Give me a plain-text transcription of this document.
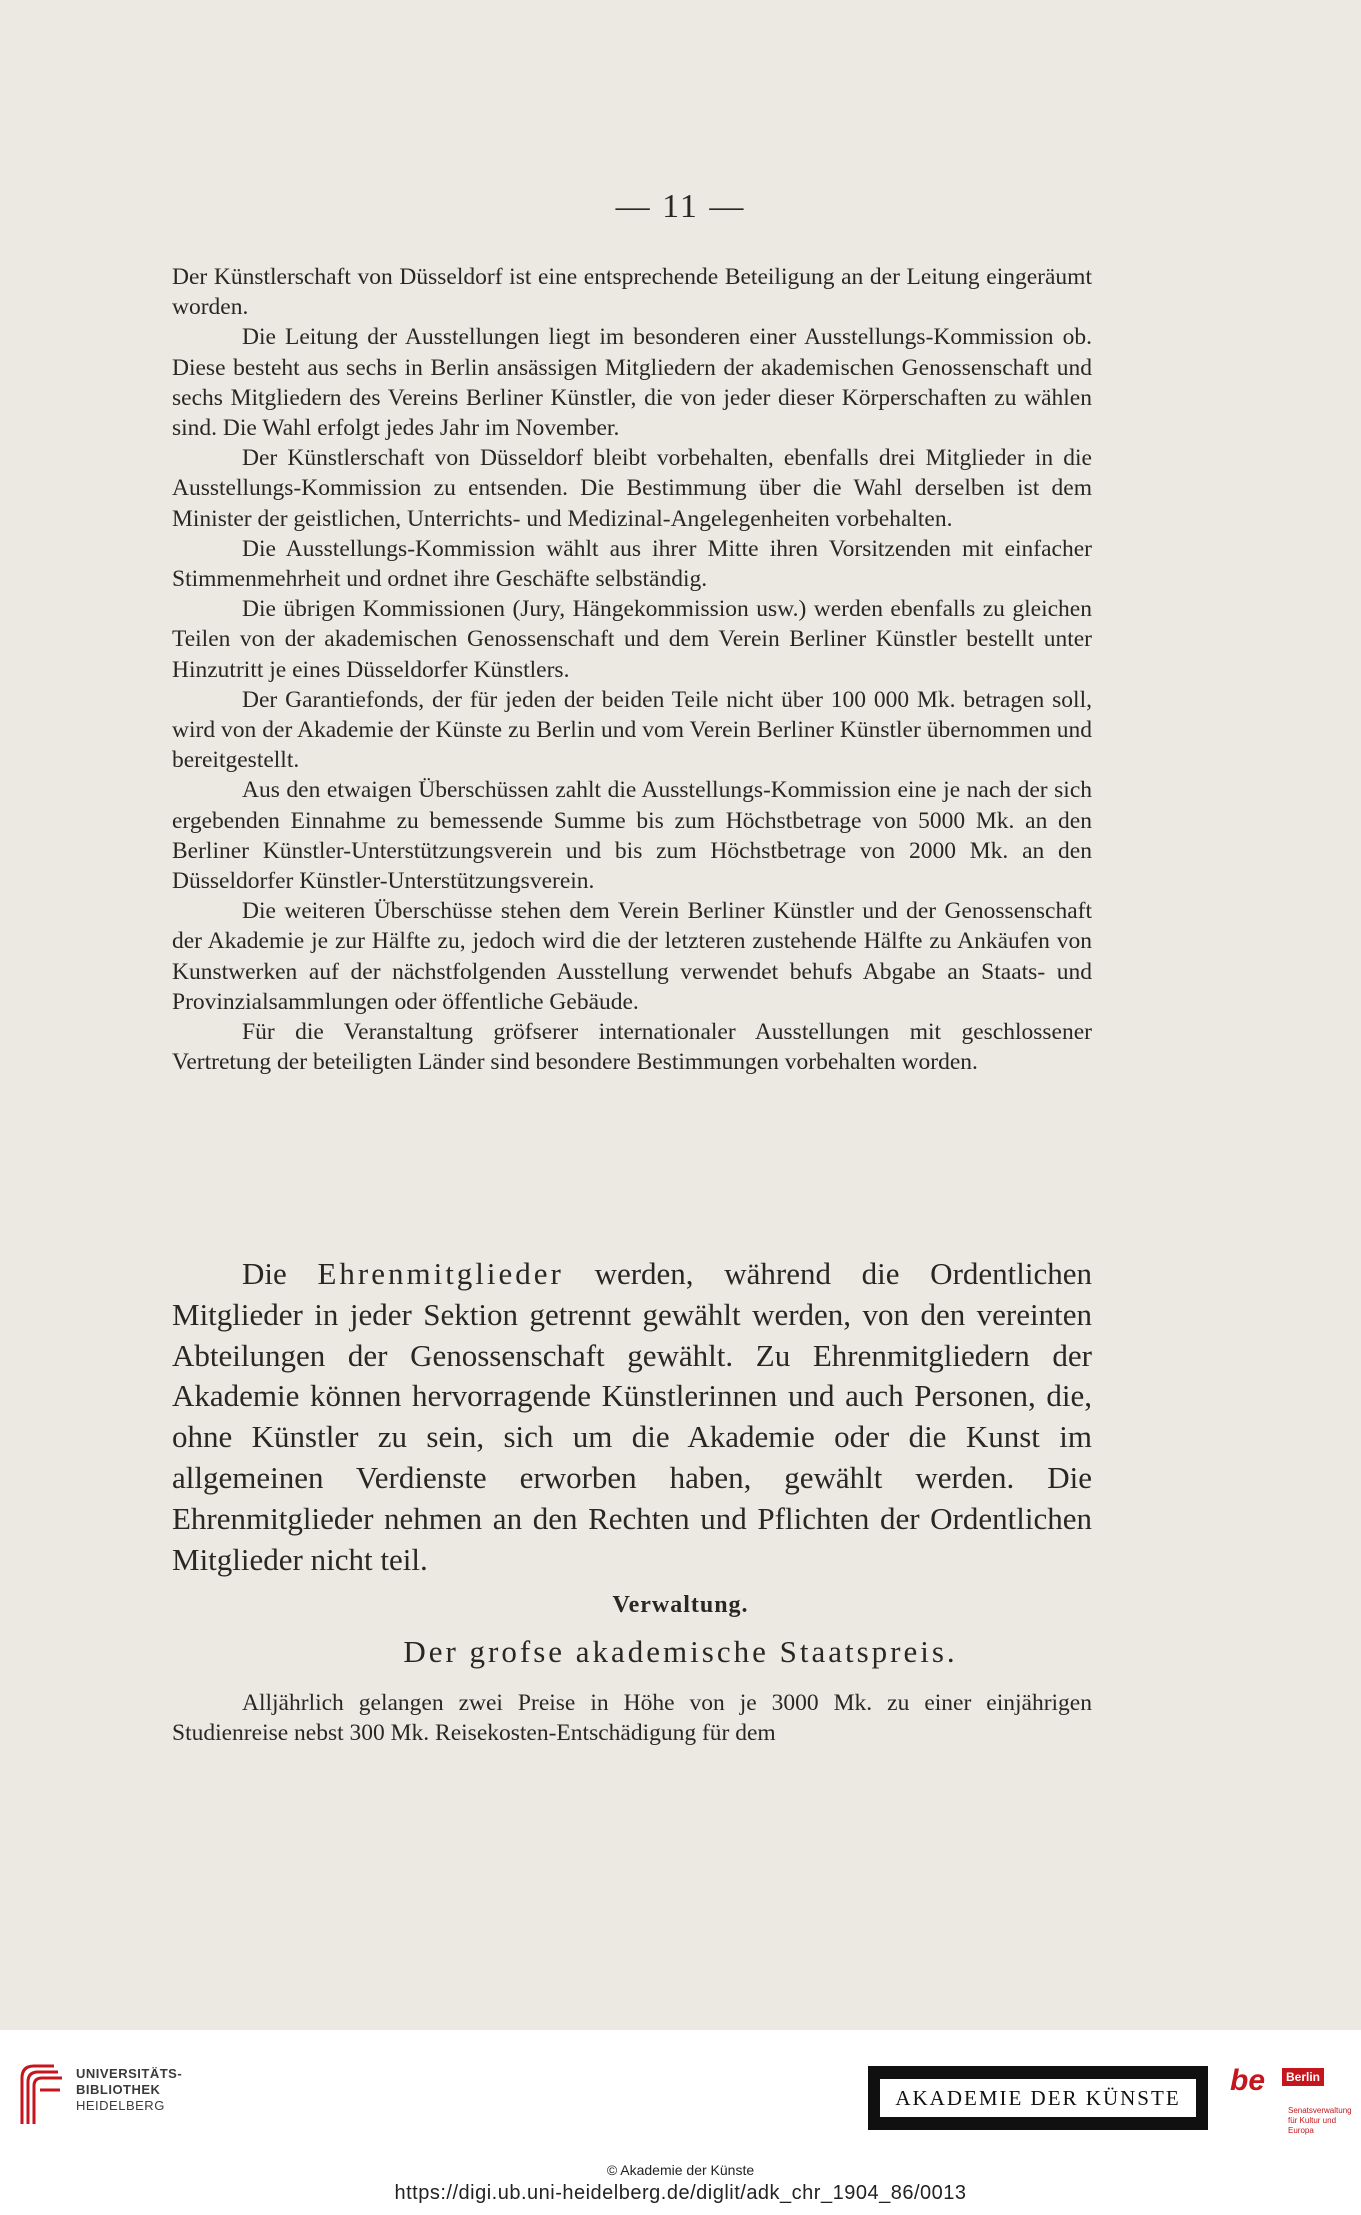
— 11 —

Der Künstlerschaft von Düsseldorf ist eine entsprechende Beteiligung an der Leitung eingeräumt worden.

Die Leitung der Ausstellungen liegt im besonderen einer Ausstellungs-Kommission ob. Diese besteht aus sechs in Berlin ansässigen Mitgliedern der akademischen Genossenschaft und sechs Mitgliedern des Vereins Berliner Künstler, die von jeder dieser Körperschaften zu wählen sind. Die Wahl erfolgt jedes Jahr im November.

Der Künstlerschaft von Düsseldorf bleibt vorbehalten, ebenfalls drei Mitglieder in die Ausstellungs-Kommission zu entsenden. Die Bestimmung über die Wahl derselben ist dem Minister der geistlichen, Unterrichts- und Medizinal-Angelegenheiten vorbehalten.

Die Ausstellungs-Kommission wählt aus ihrer Mitte ihren Vorsitzenden mit einfacher Stimmenmehrheit und ordnet ihre Geschäfte selbständig.

Die übrigen Kommissionen (Jury, Hängekommission usw.) werden ebenfalls zu gleichen Teilen von der akademischen Genossenschaft und dem Verein Berliner Künstler bestellt unter Hinzutritt je eines Düsseldorfer Künstlers.

Der Garantiefonds, der für jeden der beiden Teile nicht über 100 000 Mk. betragen soll, wird von der Akademie der Künste zu Berlin und vom Verein Berliner Künstler übernommen und bereitgestellt.

Aus den etwaigen Überschüssen zahlt die Ausstellungs-Kommission eine je nach der sich ergebenden Einnahme zu bemessende Summe bis zum Höchstbetrage von 5000 Mk. an den Berliner Künstler-Unterstützungsverein und bis zum Höchstbetrage von 2000 Mk. an den Düsseldorfer Künstler-Unterstützungsverein.

Die weiteren Überschüsse stehen dem Verein Berliner Künstler und der Genossenschaft der Akademie je zur Hälfte zu, jedoch wird die der letzteren zustehende Hälfte zu Ankäufen von Kunstwerken auf der nächstfolgenden Ausstellung verwendet behufs Abgabe an Staats- und Provinzialsammlungen oder öffentliche Gebäude.

Für die Veranstaltung gröfserer internationaler Ausstellungen mit geschlossener Vertretung der beteiligten Länder sind besondere Bestimmungen vorbehalten worden.

Die Ehrenmitglieder werden, während die Ordentlichen Mitglieder in jeder Sektion getrennt gewählt werden, von den vereinten Abteilungen der Genossenschaft gewählt. Zu Ehrenmitgliedern der Akademie können hervorragende Künstlerinnen und auch Personen, die, ohne Künstler zu sein, sich um die Akademie oder die Kunst im allgemeinen Verdienste erworben haben, gewählt werden. Die Ehrenmitglieder nehmen an den Rechten und Pflichten der Ordentlichen Mitglieder nicht teil.

Verwaltung.
Der grofse akademische Staatspreis.

Alljährlich gelangen zwei Preise in Höhe von je 3000 Mk. zu einer einjährigen Studienreise nebst 300 Mk. Reisekosten-Entschädigung für dem

UNIVERSITÄTS-
BIBLIOTHEK
HEIDELBERG	AKADEMIE DER KÜNSTE
be	Berlin
Senatsverwaltung für Kultur und Europa
© Akademie der Künste
https://digi.ub.uni-heidelberg.de/diglit/adk_chr_1904_86/0013
